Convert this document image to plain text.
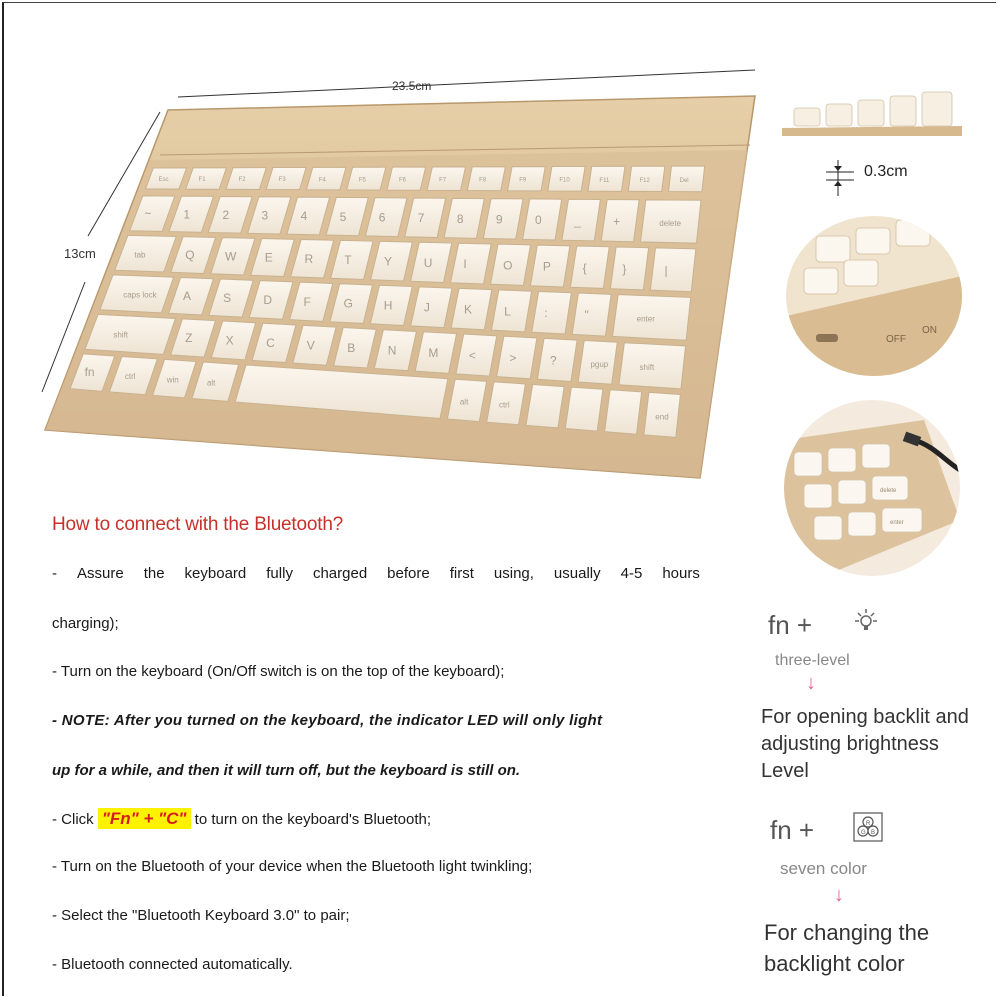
Esc	F1	F2	F3	F4	F5	F6	F7	F8	F9	F10	F11	F12	Del
~	1	2	3	4	5	6	7	8	9	0	_	+	delete
tab	Q	W E	R	T	Y	U	I	O	P	{	}	|
caps lock A	S	D	F	G	H	J	K	L	:	"	enter
shift	Z	X	C	V	B	N	M	<	>	?	pgup	shift
fn	ctrl	win	alt
alt	ctrl
end
23.5cm
13cm
0.3cm
OFF
ON
delete
enter
How to connect with the Bluetooth?
- Assure the keyboard fully charged before first using, usually 4-5 hours
charging);
- Turn on the keyboard (On/Off switch is on the top of the keyboard);
- NOTE: After you turned on the keyboard, the indicator LED will only light
up for a while, and then it will turn off, but the keyboard is still on.
- Click "Fn" + "C" to turn on the keyboard's Bluetooth;
- Turn on the Bluetooth of your device when the Bluetooth light twinkling;
- Select the "Bluetooth Keyboard 3.0" to pair;
- Bluetooth connected automatically.
fn +
three-level
↓
For opening backlit and adjusting brightness Level
fn +	R
G B
seven color
↓
For changing the backlight color
